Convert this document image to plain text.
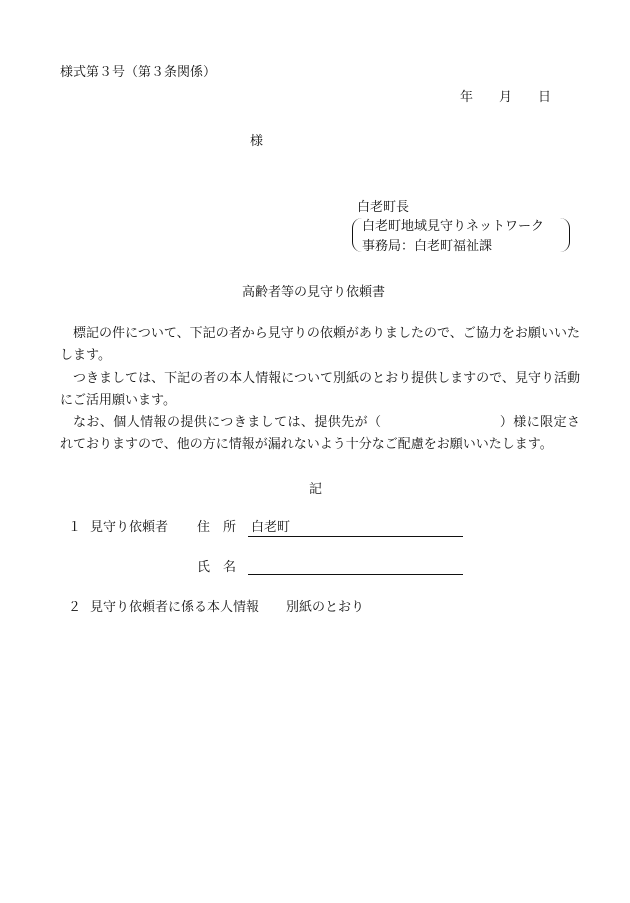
様式第３号（第３条関係）
年 月 日
様
白老町長
白老町地域見守りネットワーク
事務局：白老町福祉課
高齢者等の見守り依頼書

標記の件について、下記の者から見守りの依頼がありましたので、ご協力をお願いいたします。

つきましては、下記の者の本人情報について別紙のとおり提供しますので、見守り活動にご活用願います。

なお、個人情報の提供につきましては、提供先が（	）様に限定されておりますので、他の方に情報が漏れないよう十分なご配慮をお願いいたします。

記
１ 見守り依頼者 住　所 白老町
氏　名
２ 見守り依頼者に係る本人情報 別紙のとおり
